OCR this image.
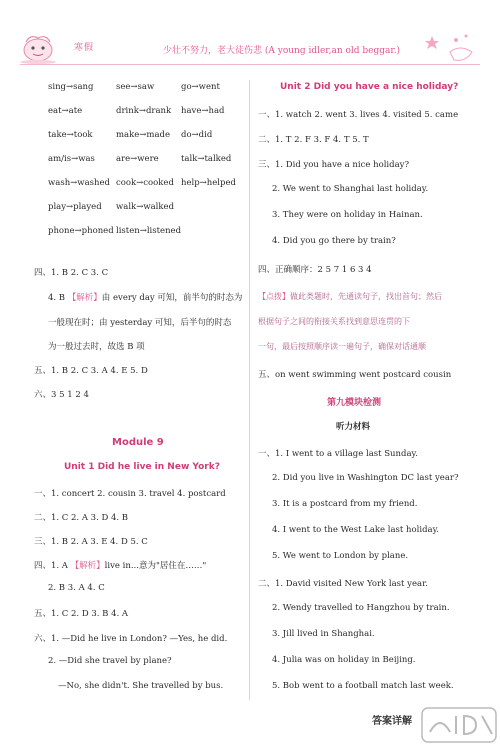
寒假	少壮不努力，老大徒伤悲 (A young idler,an old beggar.)
sing→sang	see→saw	go→went
eat→ate	drink→drank have→had
take→took	make→made do→did
am/is→was are→were	talk→talked
wash→washed cook→cooked help→helped
play→played walk→walked
phone→phoned listen→listened
四、1. B 2. C 3. C
4. B 【解析】由 every day 可知，前半句的时态为
一般现在时；由 yesterday 可知，后半句的时态
为一般过去时，故选 B 项
五、1. B 2. C 3. A 4. E 5. D
六、3 5 1 2 4
Module 9
Unit 1 Did he live in New York?
一、1. concert 2. cousin 3. travel 4. postcard
二、1. C 2. A 3. D 4. B
三、1. B 2. A 3. E 4. D 5. C
四、1. A 【解析】live in...意为"居住在……"
2. B 3. A 4. C
五、1. C 2. D 3. B 4. A
六、1. —Did he live in London? —Yes, he did.
2. —Did she travel by plane?
—No, she didn't. She travelled by bus.
Unit 2 Did you have a nice holiday?
一、1. watch 2. went 3. lives 4. visited 5. came
二、1. T 2. F 3. F 4. T 5. T
三、1. Did you have a nice holiday?
2. We went to Shanghai last holiday.
3. They were on holiday in Hainan.
4. Did you go there by train?
四、正确顺序：2 5 7 1 6 3 4
【点拨】做此类题时，先通读句子，找出首句；然后
根据句子之间的衔接关系找到意思连贯的下
一句，最后按照顺序读一遍句子，确保对话通顺
五、on went swimming went postcard cousin
第九模块检测
听力材料
一、1. I went to a village last Sunday.
2. Did you live in Washington DC last year?
3. It is a postcard from my friend.
4. I went to the West Lake last holiday.
5. We went to London by plane.
二、1. David visited New York last year.
2. Wendy travelled to Hangzhou by train.
3. Jill lived in Shanghai.
4. Julia was on holiday in Beijing.
5. Bob went to a football match last week.
答案详解
